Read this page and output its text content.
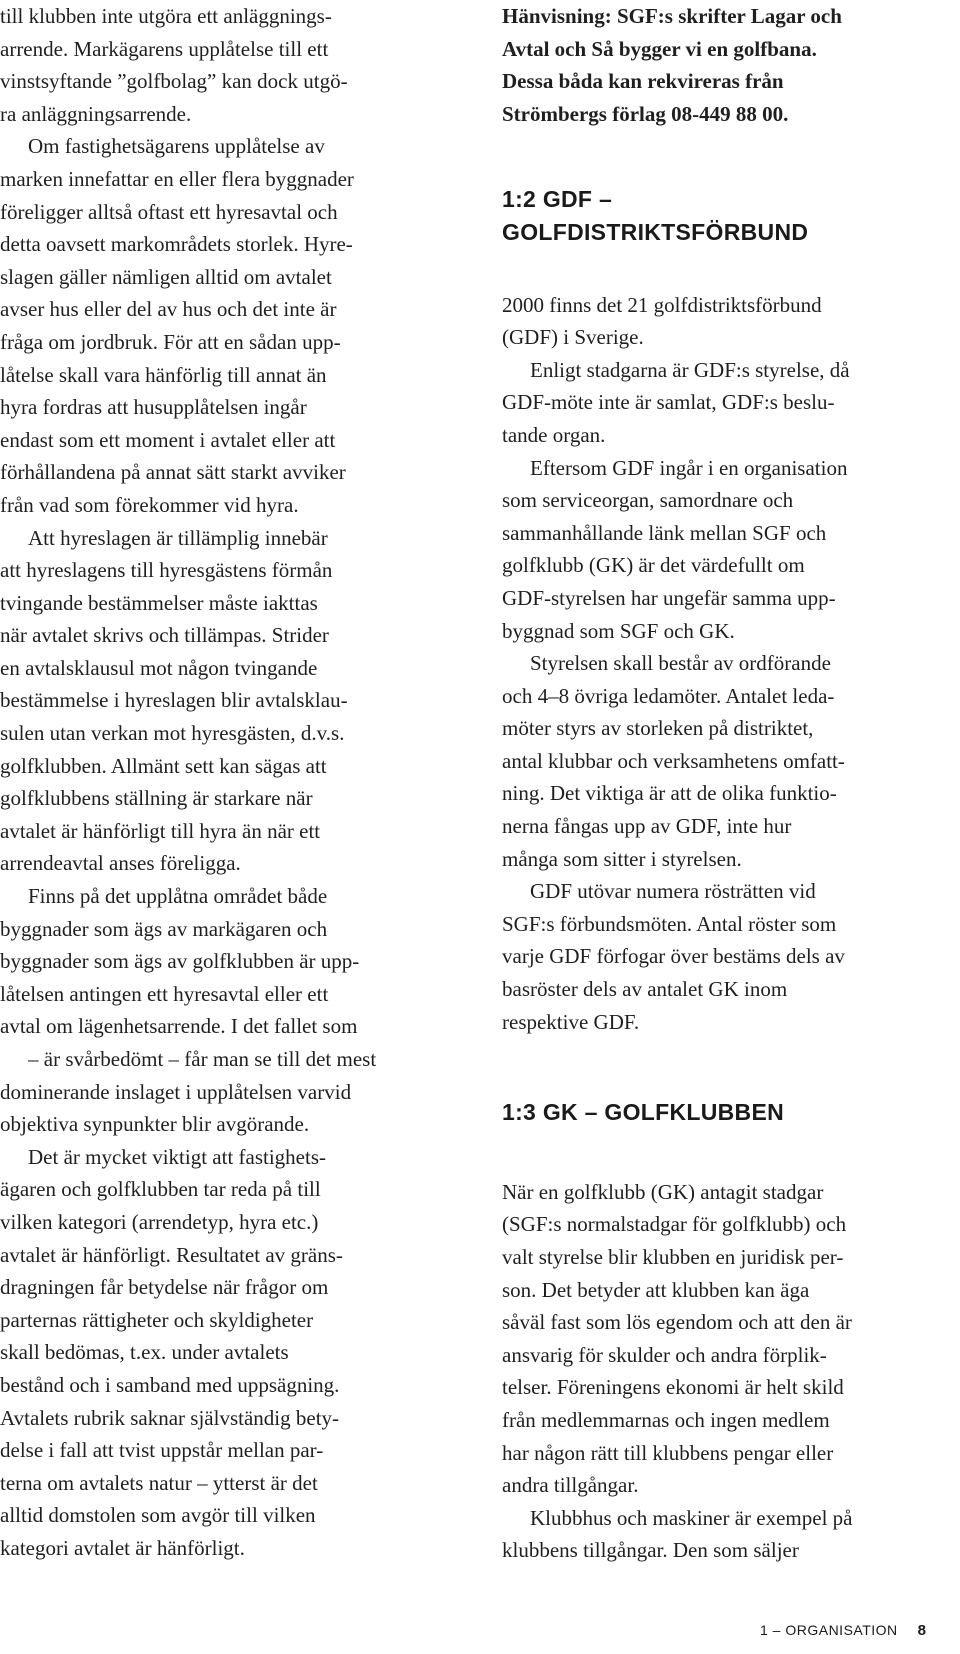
till klubben inte utgöra ett anläggnings-
arrende. Markägarens upplåtelse till ett
vinstsyftande ”golfbolag” kan dock utgö-
ra anläggningsarrende.
Om fastighetsägarens upplåtelse av
marken innefattar en eller flera byggnader
föreligger alltså oftast ett hyresavtal och
detta oavsett markområdets storlek. Hyre-
slagen gäller nämligen alltid om avtalet
avser hus eller del av hus och det inte är
fråga om jordbruk. För att en sådan upp-
låtelse skall vara hänförlig till annat än
hyra fordras att husupplåtelsen ingår
endast som ett moment i avtalet eller att
förhållandena på annat sätt starkt avviker
från vad som förekommer vid hyra.
Att hyreslagen är tillämplig innebär
att hyreslagens till hyresgästens förmån
tvingande bestämmelser måste iakttas
när avtalet skrivs och tillämpas. Strider
en avtalsklausul mot någon tvingande
bestämmelse i hyreslagen blir avtalsklau-
sulen utan verkan mot hyresgästen, d.v.s.
golfklubben. Allmänt sett kan sägas att
golfklubbens ställning är starkare när
avtalet är hänförligt till hyra än när ett
arrendeavtal anses föreligga.
Finns på det upplåtna området både
byggnader som ägs av markägaren och
byggnader som ägs av golfklubben är upp-
låtelsen antingen ett hyresavtal eller ett
avtal om lägenhetsarrende. I det fallet som
– är svårbedömt – får man se till det mest
dominerande inslaget i upplåtelsen varvid
objektiva synpunkter blir avgörande.
Det är mycket viktigt att fastighets-
ägaren och golfklubben tar reda på till
vilken kategori (arrendetyp, hyra etc.)
avtalet är hänförligt. Resultatet av gräns-
dragningen får betydelse när frågor om
parternas rättigheter och skyldigheter
skall bedömas, t.ex. under avtalets
bestånd och i samband med uppsägning.
Avtalets rubrik saknar självständig bety-
delse i fall att tvist uppstår mellan par-
terna om avtalets natur – ytterst är det
alltid domstolen som avgör till vilken
kategori avtalet är hänförligt.
Hänvisning: SGF:s skrifter Lagar och
Avtal och Så bygger vi en golfbana.
Dessa båda kan rekvireras från
Strömbergs förlag 08-449 88 00.
1:2 GDF –
GOLFDISTRIKTSFÖRBUND
2000 finns det 21 golfdistriktsförbund
(GDF) i Sverige.
Enligt stadgarna är GDF:s styrelse, då
GDF-möte inte är samlat, GDF:s beslu-
tande organ.
Eftersom GDF ingår i en organisation
som serviceorgan, samordnare och
sammanhållande länk mellan SGF och
golfklubb (GK) är det värdefullt om
GDF-styrelsen har ungefär samma upp-
byggnad som SGF och GK.
Styrelsen skall består av ordförande
och 4–8 övriga ledamöter. Antalet leda-
möter styrs av storleken på distriktet,
antal klubbar och verksamhetens omfatt-
ning. Det viktiga är att de olika funktio-
nerna fångas upp av GDF, inte hur
många som sitter i styrelsen.
GDF utövar numera rösträtten vid
SGF:s förbundsmöten. Antal röster som
varje GDF förfogar över bestäms dels av
basröster dels av antalet GK inom
respektive GDF.
1:3 GK – GOLFKLUBBEN
När en golfklubb (GK) antagit stadgar
(SGF:s normalstadgar för golfklubb) och
valt styrelse blir klubben en juridisk per-
son. Det betyder att klubben kan äga
såväl fast som lös egendom och att den är
ansvarig för skulder och andra förplik-
telser. Föreningens ekonomi är helt skild
från medlemmarnas och ingen medlem
har någon rätt till klubbens pengar eller
andra tillgångar.
Klubbhus och maskiner är exempel på
klubbens tillgångar. Den som säljer
1 – ORGANISATION 8
